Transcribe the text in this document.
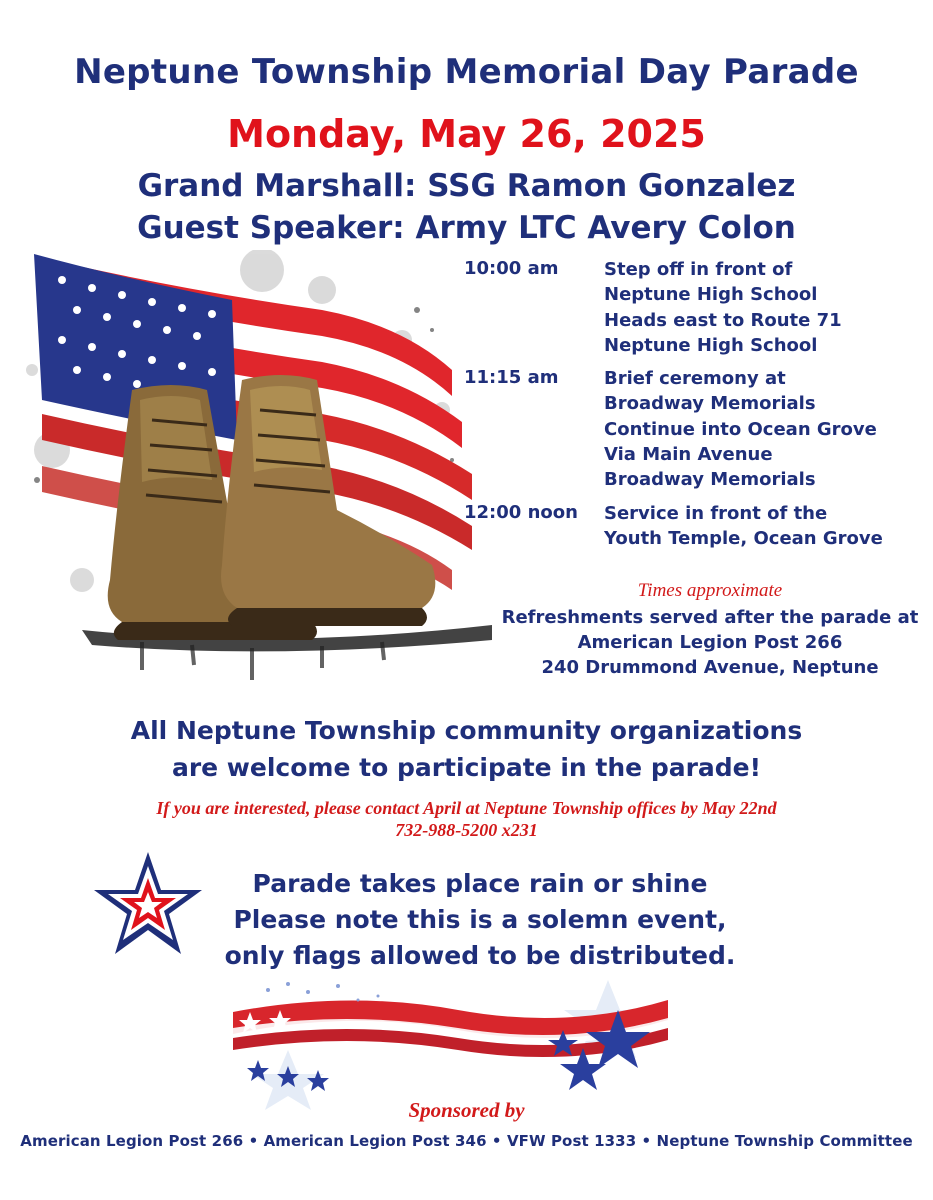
Neptune Township Memorial Day Parade
Monday, May 26, 2025
Grand Marshall: SSG Ramon Gonzalez
Guest Speaker: Army LTC Avery Colon
10:00 am	Step off in front of
Neptune High School
Heads east to Route 71
Neptune High School
11:15 am	Brief ceremony at
Broadway Memorials
Continue into Ocean Grove
Via Main Avenue
Broadway Memorials
12:00 noon Service in front of the
Youth Temple, Ocean Grove
Times approximate
Refreshments served after the parade at
American Legion Post 266
240 Drummond Avenue, Neptune
All Neptune Township community organizations
are welcome to participate in the parade!
If you are interested, please contact April at Neptune Township offices by May 22nd
732-988-5200 x231
Parade takes place rain or shine
Please note this is a solemn event,
only flags allowed to be distributed.
Sponsored by
American Legion Post 266 • American Legion Post 346 • VFW Post 1333 • Neptune Township Committee
